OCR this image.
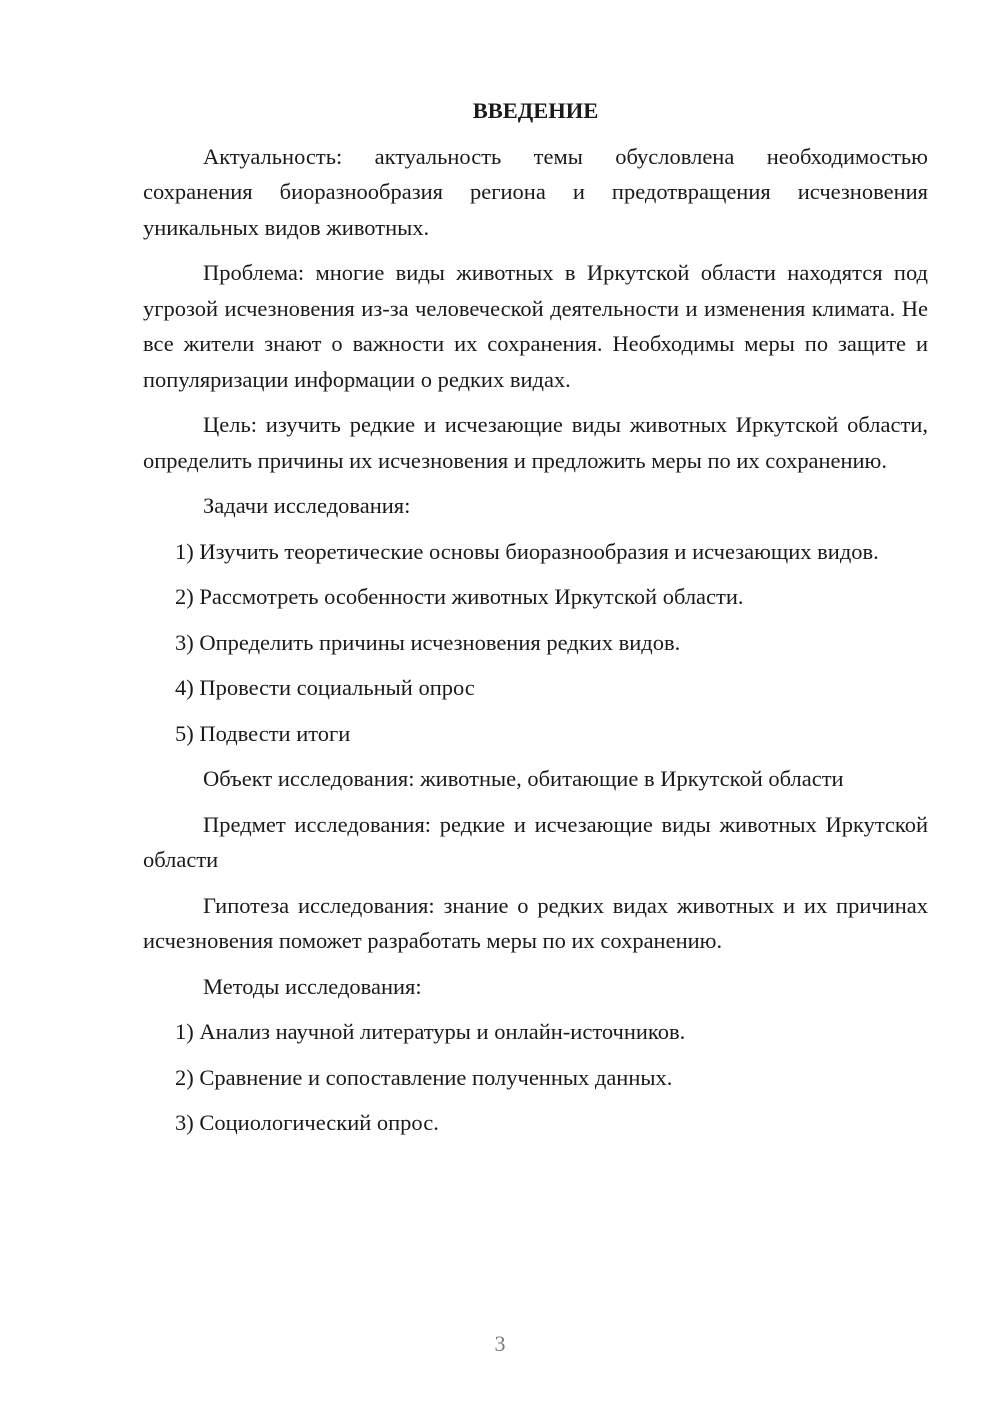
ВВЕДЕНИЕ

Актуальность: актуальность темы обусловлена необходимостью сохранения биоразнообразия региона и предотвращения исчезновения уникальных видов животных.

Проблема: многие виды животных в Иркутской области находятся под угрозой исчезновения из-за человеческой деятельности и изменения климата. Не все жители знают о важности их сохранения. Необходимы меры по защите и популяризации информации о редких видах.

Цель: изучить редкие и исчезающие виды животных Иркутской области, определить причины их исчезновения и предложить меры по их сохранению.

Задачи исследования:

1) Изучить теоретические основы биоразнообразия и исчезающих видов.

2) Рассмотреть особенности животных Иркутской области.

3) Определить причины исчезновения редких видов.

4) Провести социальный опрос

5) Подвести итоги

Объект исследования: животные, обитающие в Иркутской области

Предмет исследования: редкие и исчезающие виды животных Иркутской области

Гипотеза исследования: знание о редких видах животных и их причинах исчезновения поможет разработать меры по их сохранению.

Методы исследования:

1) Анализ научной литературы и онлайн-источников.

2) Сравнение и сопоставление полученных данных.

3) Социологический опрос.

3
